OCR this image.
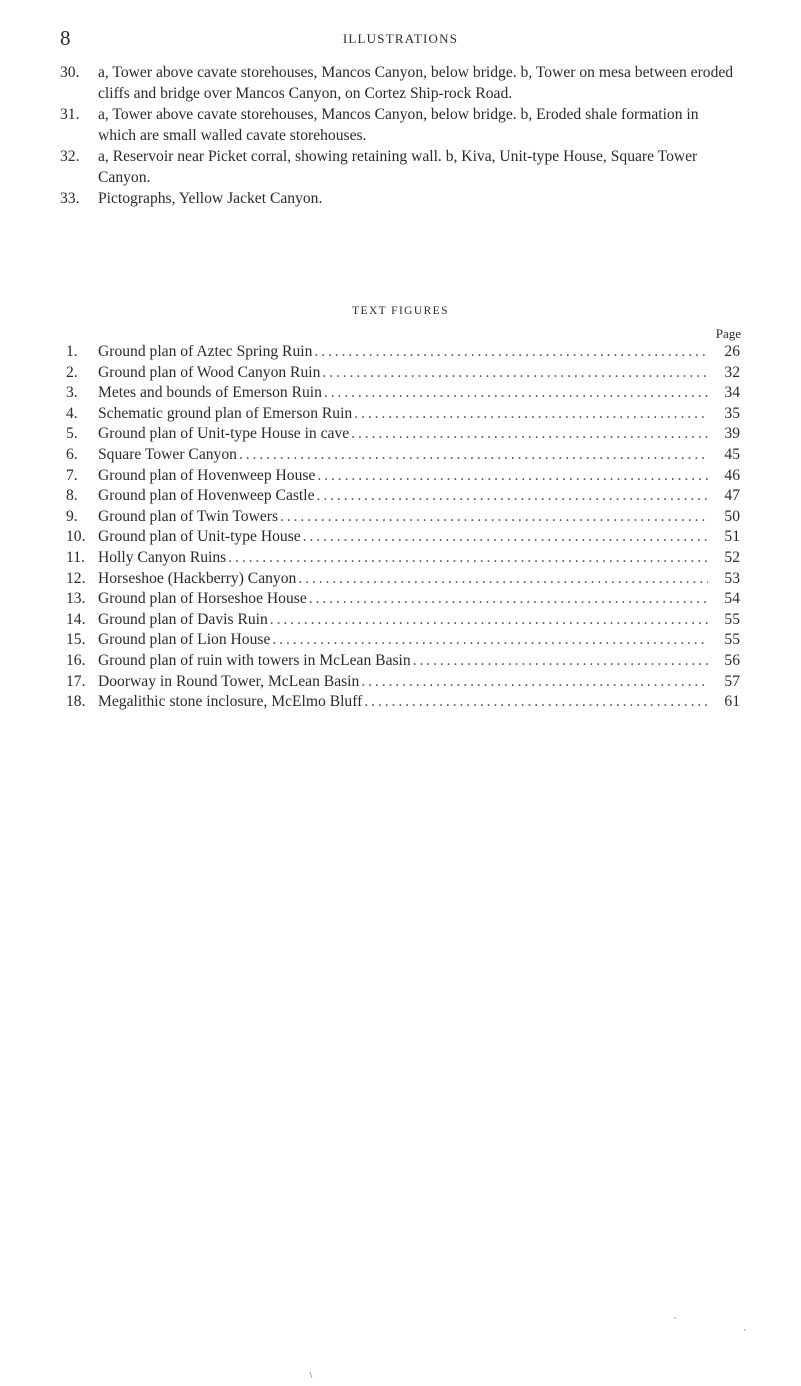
8	ILLUSTRATIONS
30. a, Tower above cavate storehouses, Mancos Canyon, below bridge. b, Tower on mesa between eroded cliffs and bridge over Mancos Canyon, on Cortez Ship-rock Road.
31. a, Tower above cavate storehouses, Mancos Canyon, below bridge. b, Eroded shale formation in which are small walled cavate storehouses.
32. a, Reservoir near Picket corral, showing retaining wall. b, Kiva, Unit-type House, Square Tower Canyon.
33. Pictographs, Yellow Jacket Canyon.
TEXT FIGURES
Page
1.	Ground plan of Aztec Spring Ruin . . .	26
2.	Ground plan of Wood Canyon Ruin . . .	32
3.	Metes and bounds of Emerson Ruin . . .	34
4.	Schematic ground plan of Emerson Ruin . . .	35
5.	Ground plan of Unit-type House in cave . . .	39
6.	Square Tower Canyon . . .	45
7.	Ground plan of Hovenweep House . . .	46
8.	Ground plan of Hovenweep Castle . . .	47
9.	Ground plan of Twin Towers . . .	50
10. Ground plan of Unit-type House . . .	51
11. Holly Canyon Ruins . . .	52
12. Horseshoe (Hackberry) Canyon . . .	53
13. Ground plan of Horseshoe House . . .	54
14. Ground plan of Davis Ruin . . .	55
15. Ground plan of Lion House . . .	55
16. Ground plan of ruin with towers in McLean Basin . . .	56
17. Doorway in Round Tower, McLean Basin . . .	57
18. Megalithic stone inclosure, McElmo Bluff . . .	61
